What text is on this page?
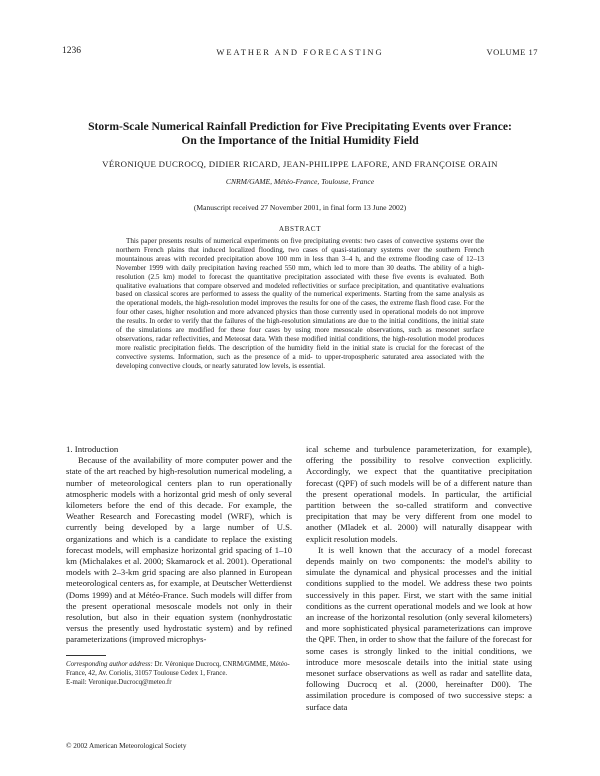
1236	WEATHER AND FORECASTING	VOLUME 17
Storm-Scale Numerical Rainfall Prediction for Five Precipitating Events over France:
On the Importance of the Initial Humidity Field

VÉRONIQUE DUCROCQ, DIDIER RICARD, JEAN-PHILIPPE LAFORE, AND FRANÇOISE ORAIN

CNRM/GAME, Météo-France, Toulouse, France

(Manuscript received 27 November 2001, in final form 13 June 2002)

ABSTRACT

This paper presents results of numerical experiments on five precipitating events: two cases of convective systems over the northern French plains that induced localized flooding, two cases of quasi-stationary systems over the southern French mountainous areas with recorded precipitation above 100 mm in less than 3–4 h, and the extreme flooding case of 12–13 November 1999 with daily precipitation having reached 550 mm, which led to more than 30 deaths. The ability of a high-resolution (2.5 km) model to forecast the quantitative precipitation associated with these five events is evaluated. Both qualitative evaluations that compare observed and modeled reflectivities or surface precipitation, and quantitative evaluations based on classical scores are performed to assess the quality of the numerical experiments. Starting from the same analysis as the operational models, the high-resolution model improves the results for one of the cases, the extreme flash flood case. For the four other cases, higher resolution and more advanced physics than those currently used in operational models do not improve the results. In order to verify that the failures of the high-resolution simulations are due to the initial conditions, the initial state of the simulations are modified for these four cases by using more mesoscale observations, such as mesonet surface observations, radar reflectivities, and Meteosat data. With these modified initial conditions, the high-resolution model produces more realistic precipitation fields. The description of the humidity field in the initial state is crucial for the forecast of the convective systems. Information, such as the presence of a mid- to upper-tropospheric saturated area associated with the developing convective clouds, or nearly saturated low levels, is essential.

1. Introduction

Because of the availability of more computer power and the state of the art reached by high-resolution numerical modeling, a number of meteorological centers plan to run operationally atmospheric models with a horizontal grid mesh of only several kilometers before the end of this decade. For example, the Weather Research and Forecasting model (WRF), which is currently being developed by a large number of U.S. organizations and which is a candidate to replace the existing forecast models, will emphasize horizontal grid spacing of 1–10 km (Michalakes et al. 2000; Skamarock et al. 2001). Operational models with 2–3-km grid spacing are also planned in European meteorological centers as, for example, at Deutscher Wetterdienst (Doms 1999) and at Météo-France. Such models will differ from the present operational mesoscale models not only in their resolution, but also in their equation system (nonhydrostatic versus the presently used hydrostatic system) and by refined parameterizations (improved microphys-

ical scheme and turbulence parameterization, for example), offering the possibility to resolve convection explicitly. Accordingly, we expect that the quantitative precipitation forecast (QPF) of such models will be of a different nature than the present operational models. In particular, the artificial partition between the so-called stratiform and convective precipitation that may be very different from one model to another (Mladek et al. 2000) will naturally disappear with explicit resolution models.

It is well known that the accuracy of a model forecast depends mainly on two components: the model's ability to simulate the dynamical and physical processes and the initial conditions supplied to the model. We address these two points successively in this paper. First, we start with the same initial conditions as the current operational models and we look at how an increase of the horizontal resolution (only several kilometers) and more sophisticated physical parameterizations can improve the QPF. Then, in order to show that the failure of the forecast for some cases is strongly linked to the initial conditions, we introduce more mesoscale details into the initial state using mesonet surface observations as well as radar and satellite data, following Ducrocq et al. (2000, hereinafter D00). The assimilation procedure is composed of two successive steps: a surface data

Corresponding author address: Dr. Véronique Ducrocq, CNRM/GMME, Météo-France, 42, Av. Coriolis, 31057 Toulouse Cedex 1, France.
E-mail: Veronique.Ducrocq@meteo.fr

© 2002 American Meteorological Society
